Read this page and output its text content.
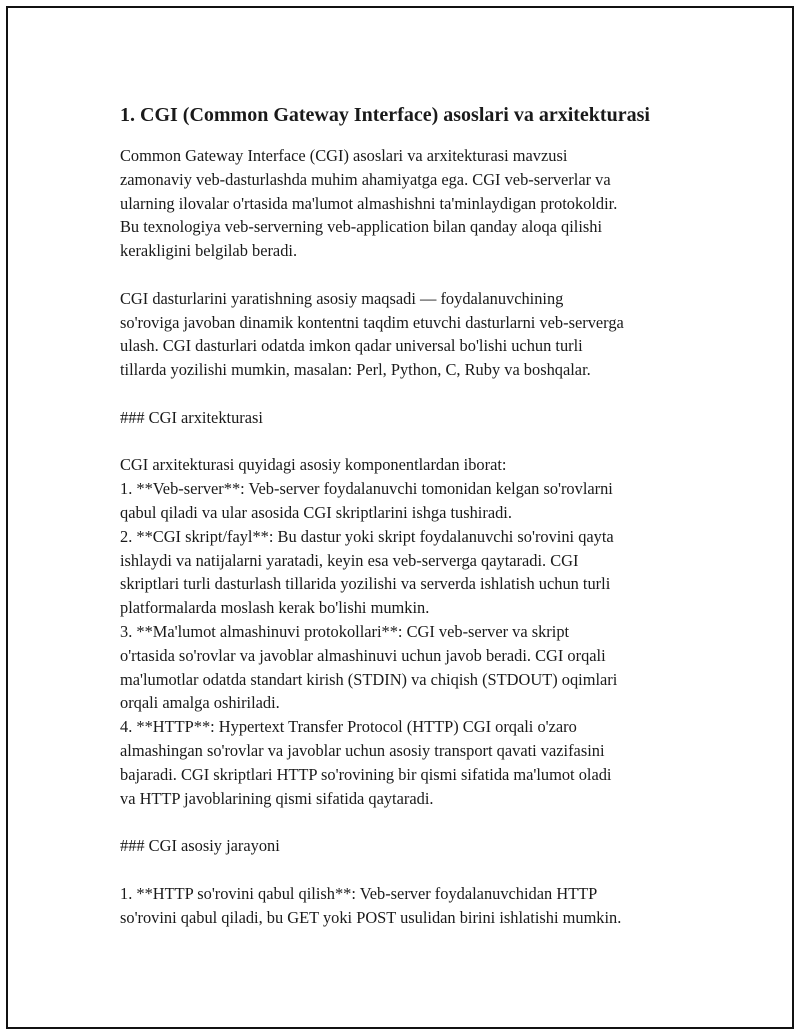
1. CGI (Common Gateway Interface) asoslari va arxitekturasi

Common Gateway Interface (CGI) asoslari va arxitekturasi mavzusi
zamonaviy veb-dasturlashda muhim ahamiyatga ega. CGI veb-serverlar va
ularning ilovalar o'rtasida ma'lumot almashishni ta'minlaydigan protokoldir.
Bu texnologiya veb-serverning veb-application bilan qanday aloqa qilishi
kerakligini belgilab beradi.

CGI dasturlarini yaratishning asosiy maqsadi — foydalanuvchining
so'roviga javoban dinamik kontentni taqdim etuvchi dasturlarni veb-serverga
ulash. CGI dasturlari odatda imkon qadar universal bo'lishi uchun turli
tillarda yozilishi mumkin, masalan: Perl, Python, C, Ruby va boshqalar.

### CGI arxitekturasi

CGI arxitekturasi quyidagi asosiy komponentlardan iborat:
1. **Veb-server**: Veb-server foydalanuvchi tomonidan kelgan so'rovlarni
qabul qiladi va ular asosida CGI skriptlarini ishga tushiradi.
2. **CGI skript/fayl**: Bu dastur yoki skript foydalanuvchi so'rovini qayta
ishlaydi va natijalarni yaratadi, keyin esa veb-serverga qaytaradi. CGI
skriptlari turli dasturlash tillarida yozilishi va serverda ishlatish uchun turli
platformalarda moslash kerak bo'lishi mumkin.
3. **Ma'lumot almashinuvi protokollari**: CGI veb-server va skript
o'rtasida so'rovlar va javoblar almashinuvi uchun javob beradi. CGI orqali
ma'lumotlar odatda standart kirish (STDIN) va chiqish (STDOUT) oqimlari
orqali amalga oshiriladi.
4. **HTTP**: Hypertext Transfer Protocol (HTTP) CGI orqali o'zaro
almashingan so'rovlar va javoblar uchun asosiy transport qavati vazifasini
bajaradi. CGI skriptlari HTTP so'rovining bir qismi sifatida ma'lumot oladi
va HTTP javoblarining qismi sifatida qaytaradi.

### CGI asosiy jarayoni

1. **HTTP so'rovini qabul qilish**: Veb-server foydalanuvchidan HTTP
so'rovini qabul qiladi, bu GET yoki POST usulidan birini ishlatishi mumkin.
